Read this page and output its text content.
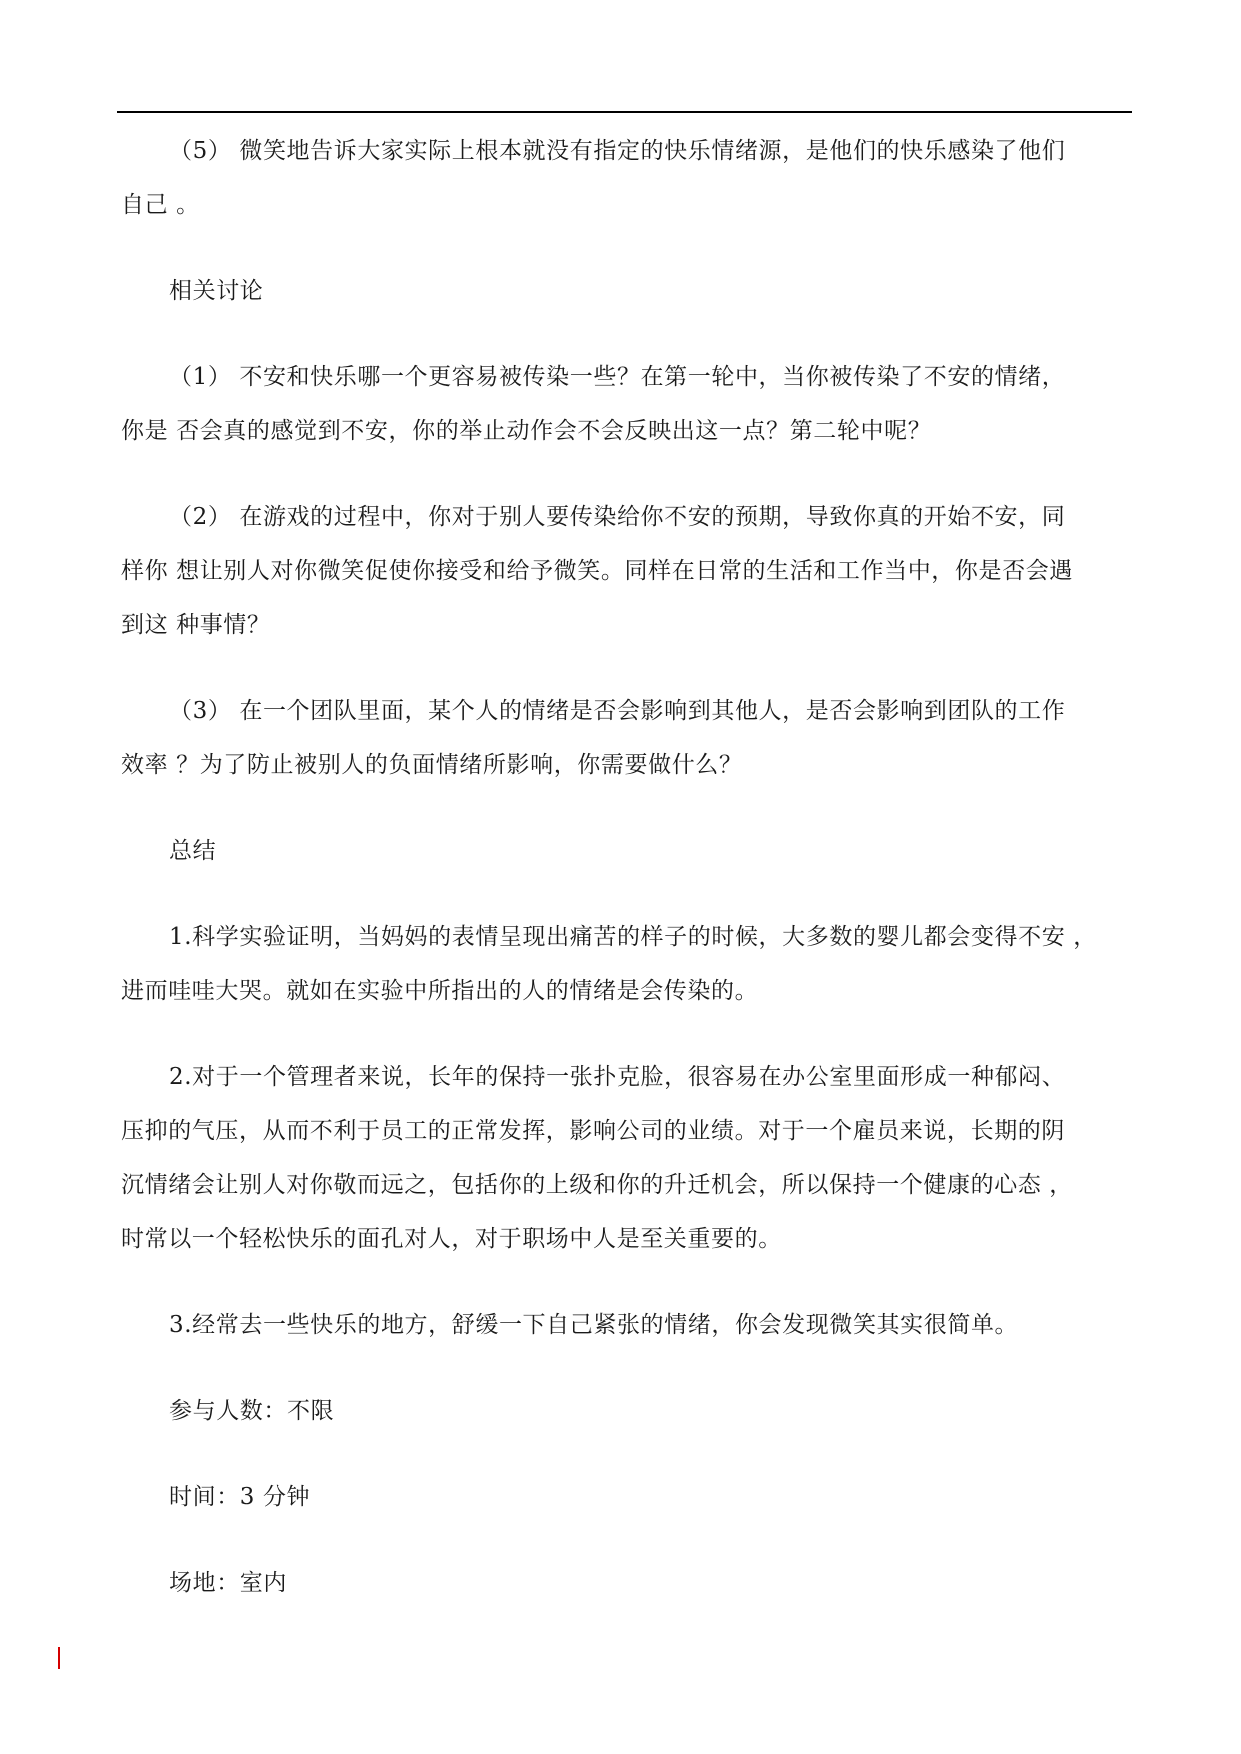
（5） 微笑地告诉大家实际上根本就没有指定的快乐情绪源，是他们的快乐感染了他们
自己 。
相关讨论
（1） 不安和快乐哪一个更容易被传染一些？在第一轮中，当你被传染了不安的情绪，
你是 否会真的感觉到不安，你的举止动作会不会反映出这一点？第二轮中呢？
（2） 在游戏的过程中，你对于别人要传染给你不安的预期，导致你真的开始不安，同
样你 想让别人对你微笑促使你接受和给予微笑。同样在日常的生活和工作当中，你是否会遇
到这 种事情？
（3） 在一个团队里面，某个人的情绪是否会影响到其他人，是否会影响到团队的工作
效率 ？为了防止被别人的负面情绪所影响，你需要做什么？
总结
1.科学实验证明，当妈妈的表情呈现出痛苦的样子的时候，大多数的婴儿都会变得不安 ，
进而哇哇大哭。就如在实验中所指出的人的情绪是会传染的。
2.对于一个管理者来说，长年的保持一张扑克脸，很容易在办公室里面形成一种郁闷、
压抑的气压，从而不利于员工的正常发挥，影响公司的业绩。对于一个雇员来说，长期的阴
沉情绪会让别人对你敬而远之，包括你的上级和你的升迁机会，所以保持一个健康的心态 ，
时常以一个轻松快乐的面孔对人，对于职场中人是至关重要的。
3.经常去一些快乐的地方，舒缓一下自己紧张的情绪，你会发现微笑其实很简单。
参与人数：不限
时间：3 分钟
场地：室内
